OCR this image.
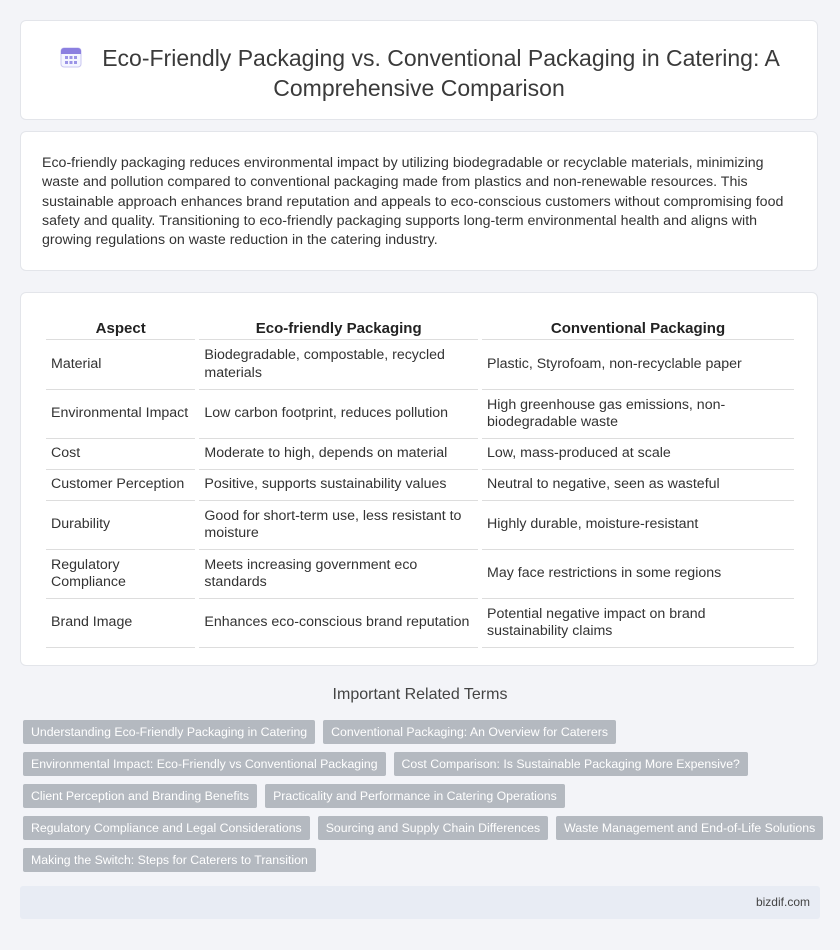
Eco-Friendly Packaging vs. Conventional Packaging in Catering: A
Comprehensive Comparison

Eco-friendly packaging reduces environmental impact by utilizing biodegradable or recyclable materials, minimizing waste and pollution compared to conventional packaging made from plastics and non-renewable resources. This sustainable approach enhances brand reputation and appeals to eco-conscious customers without compromising food safety and quality. Transitioning to eco-friendly packaging supports long-term environmental health and aligns with growing regulations on waste reduction in the catering industry.

Aspect	Eco-friendly Packaging	Conventional Packaging
Material	Biodegradable, compostable, recycled materials	Plastic, Styrofoam, non-recyclable paper
Environmental Impact	Low carbon footprint, reduces pollution	High greenhouse gas emissions, non-biodegradable waste
Cost	Moderate to high, depends on material	Low, mass-produced at scale
Customer Perception	Positive, supports sustainability values	Neutral to negative, seen as wasteful
Durability	Good for short-term use, less resistant to moisture	Highly durable, moisture-resistant
Regulatory Compliance	Meets increasing government eco standards	May face restrictions in some regions
Brand Image	Enhances eco-conscious brand reputation	Potential negative impact on brand sustainability claims
Important Related Terms
Understanding Eco-Friendly Packaging in Catering	Conventional Packaging: An Overview for Caterers
Environmental Impact: Eco-Friendly vs Conventional Packaging	Cost Comparison: Is Sustainable Packaging More Expensive?
Client Perception and Branding Benefits	Practicality and Performance in Catering Operations
Regulatory Compliance and Legal Considerations	Sourcing and Supply Chain Differences	Waste Management and End-of-Life Solutions
Making the Switch: Steps for Caterers to Transition
bizdif.com
